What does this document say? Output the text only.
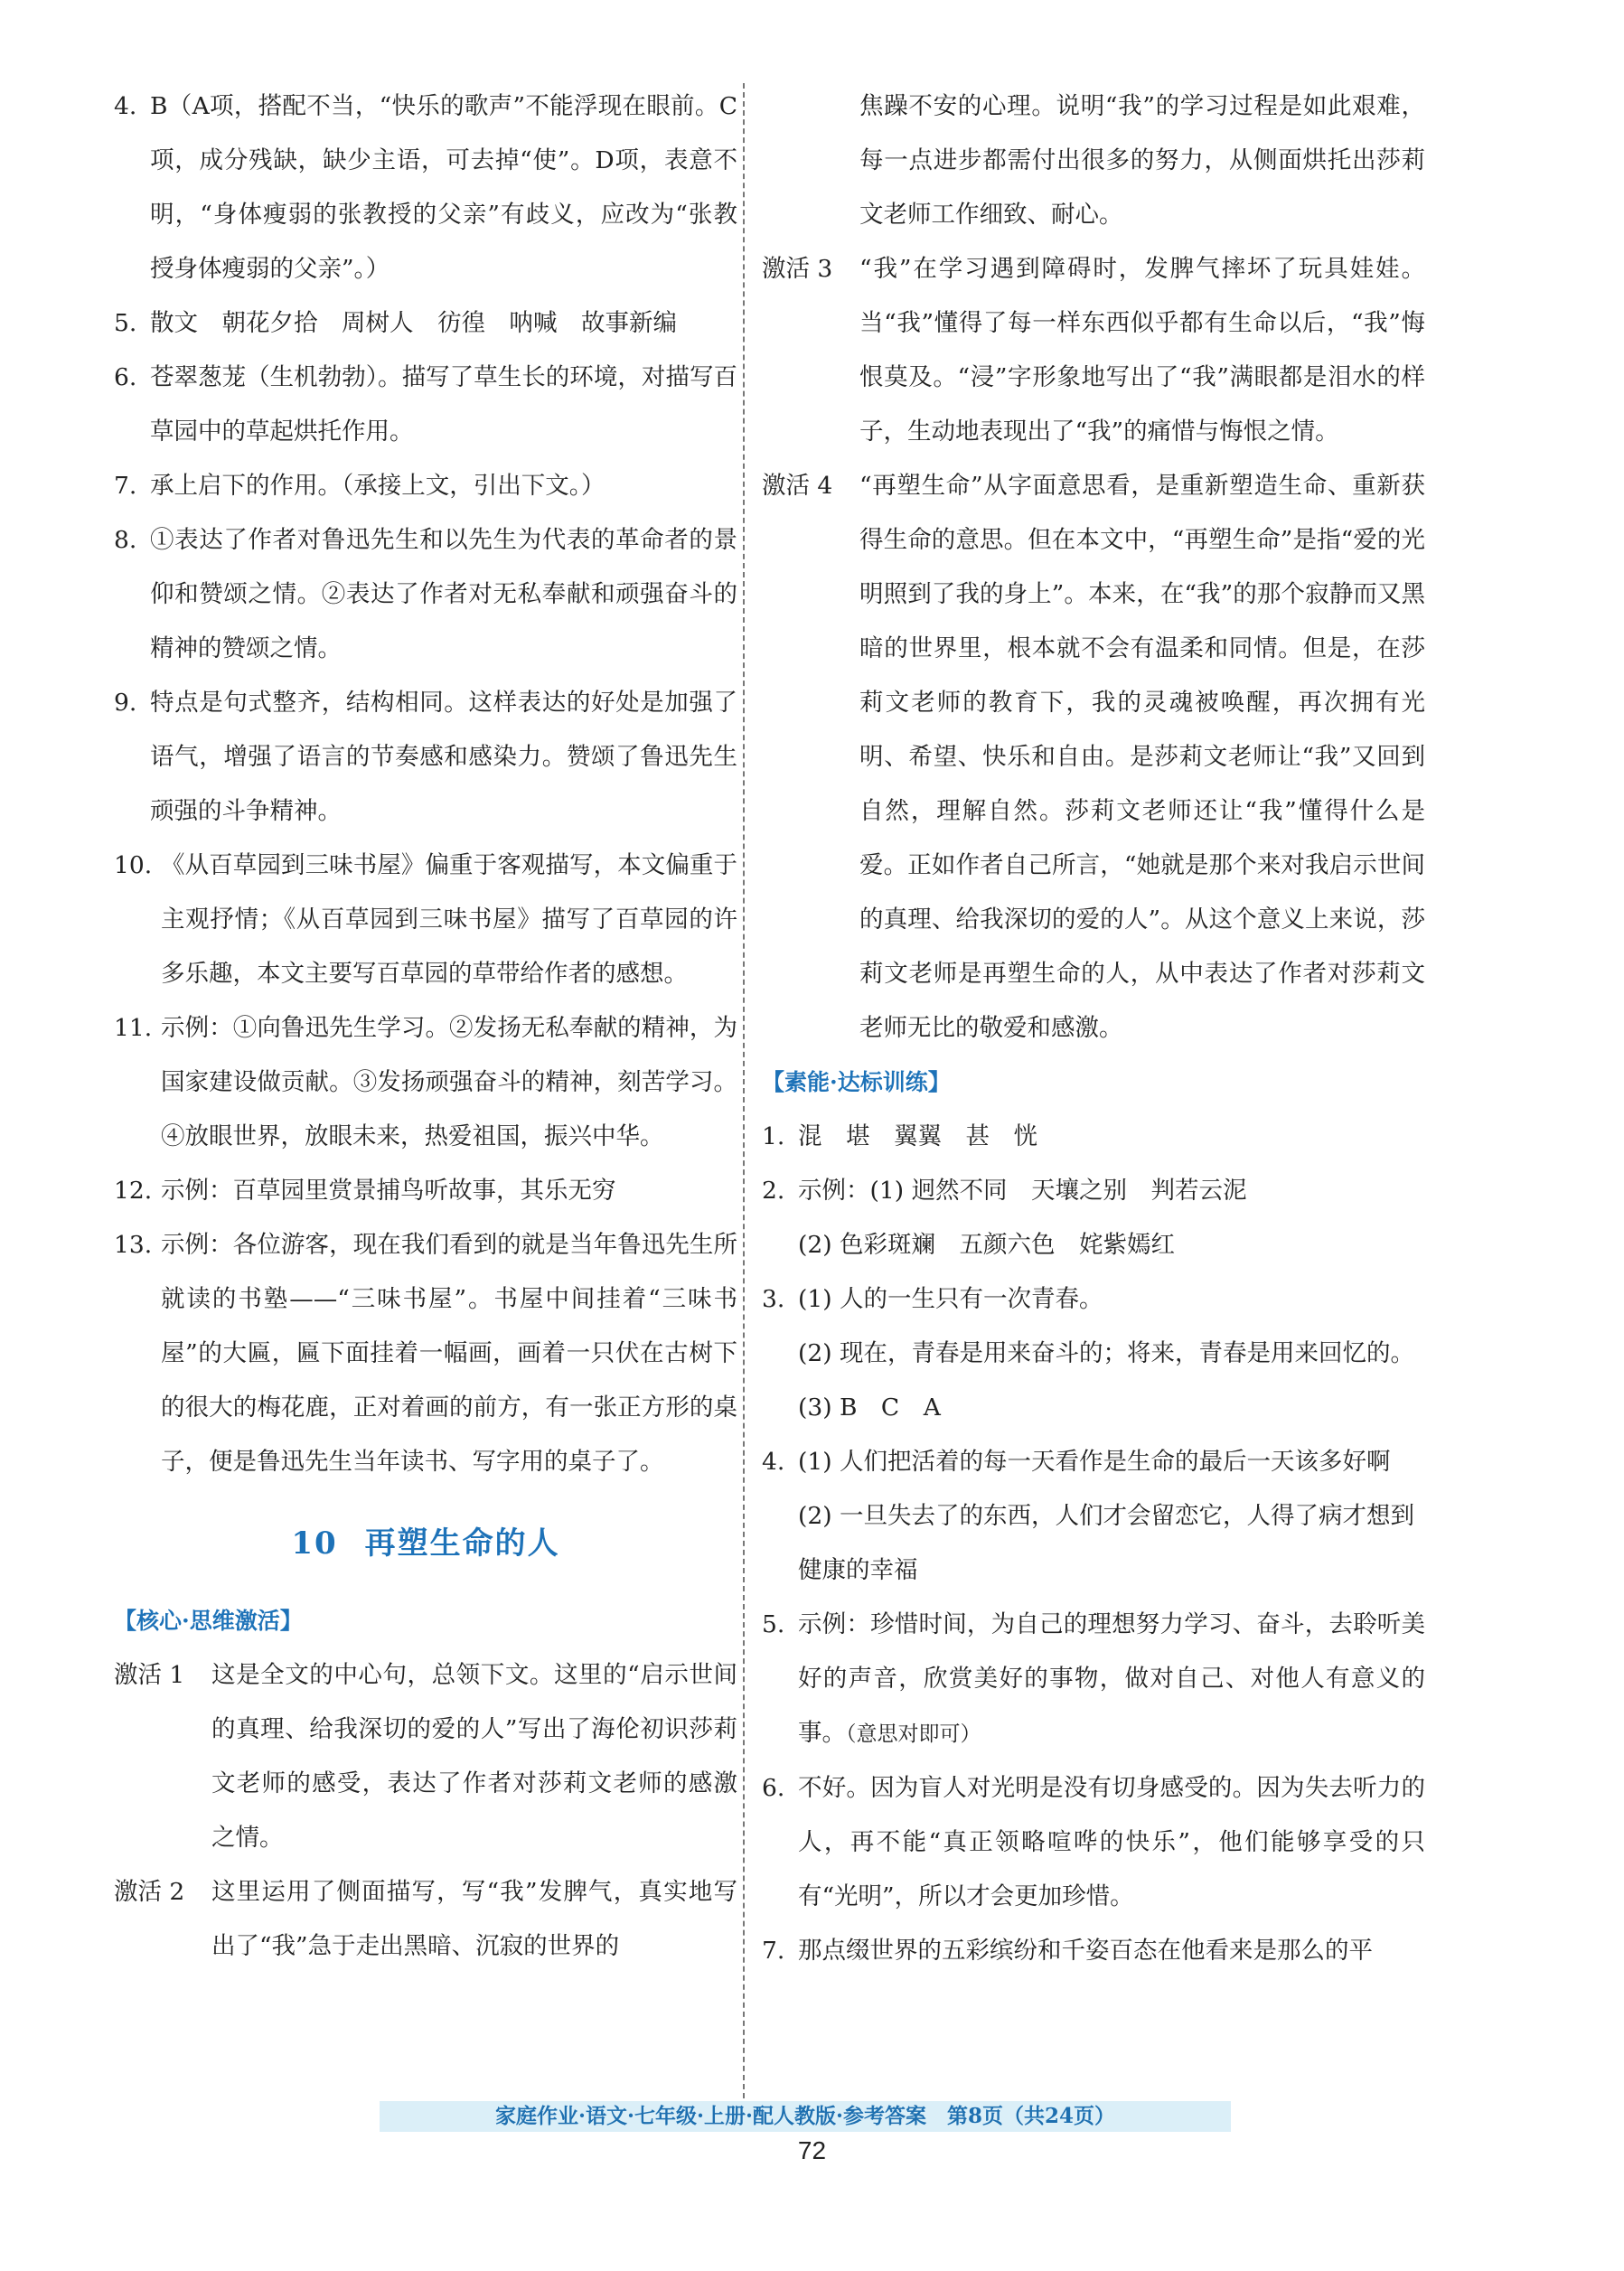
4. B（A项，搭配不当，“快乐的歌声”不能浮现在眼前。C项，成分残缺，缺少主语，可去掉“使”。D项，表意不明，“身体瘦弱的张教授的父亲”有歧义，应改为“张教授身体瘦弱的父亲”。）
5. 散文　朝花夕拾　周树人　彷徨　呐喊　故事新编
6. 苍翠葱茏（生机勃勃）。描写了草生长的环境，对描写百草园中的草起烘托作用。
7. 承上启下的作用。（承接上文，引出下文。）
8. ①表达了作者对鲁迅先生和以先生为代表的革命者的景仰和赞颂之情。②表达了作者对无私奉献和顽强奋斗的精神的赞颂之情。
9. 特点是句式整齐，结构相同。这样表达的好处是加强了语气，增强了语言的节奏感和感染力。赞颂了鲁迅先生顽强的斗争精神。
10. 《从百草园到三味书屋》偏重于客观描写，本文偏重于主观抒情；《从百草园到三味书屋》描写了百草园的许多乐趣，本文主要写百草园的草带给作者的感想。
11. 示例：①向鲁迅先生学习。②发扬无私奉献的精神，为国家建设做贡献。③发扬顽强奋斗的精神，刻苦学习。④放眼世界，放眼未来，热爱祖国，振兴中华。
12. 示例：百草园里赏景捕鸟听故事，其乐无穷
13. 示例：各位游客，现在我们看到的就是当年鲁迅先生所就读的书塾——“三味书屋”。书屋中间挂着“三味书屋”的大匾，匾下面挂着一幅画，画着一只伏在古树下的很大的梅花鹿，正对着画的前方，有一张正方形的桌子，便是鲁迅先生当年读书、写字用的桌子了。
10 再塑生命的人
【核心·思维激活】
激活 1	这是全文的中心句，总领下文。这里的“启示世间的真理、给我深切的爱的人”写出了海伦初识莎莉文老师的感受，表达了作者对莎莉文老师的感激之情。
激活 2	这里运用了侧面描写，写“我”发脾气，真实地写出了“我”急于走出黑暗、沉寂的世界的
焦躁不安的心理。说明“我”的学习过程是如此艰难，每一点进步都需付出很多的努力，从侧面烘托出莎莉文老师工作细致、耐心。
激活 3	“我”在学习遇到障碍时，发脾气摔坏了玩具娃娃。当“我”懂得了每一样东西似乎都有生命以后，“我”悔恨莫及。“浸”字形象地写出了“我”满眼都是泪水的样子，生动地表现出了“我”的痛惜与悔恨之情。
激活 4	“再塑生命”从字面意思看，是重新塑造生命、重新获得生命的意思。但在本文中，“再塑生命”是指“爱的光明照到了我的身上”。本来，在“我”的那个寂静而又黑暗的世界里，根本就不会有温柔和同情。但是，在莎莉文老师的教育下，我的灵魂被唤醒，再次拥有光明、希望、快乐和自由。是莎莉文老师让“我”又回到自然，理解自然。莎莉文老师还让“我”懂得什么是爱。正如作者自己所言，“她就是那个来对我启示世间的真理、给我深切的爱的人”。从这个意义上来说，莎莉文老师是再塑生命的人，从中表达了作者对莎莉文老师无比的敬爱和感激。
【素能·达标训练】
1. 混　堪　翼翼　甚　恍
2. 示例：(1) 迥然不同　天壤之别　判若云泥
(2) 色彩斑斓　五颜六色　姹紫嫣红
3. (1) 人的一生只有一次青春。
(2) 现在，青春是用来奋斗的；将来，青春是用来回忆的。
(3) B　C　A
4. (1) 人们把活着的每一天看作是生命的最后一天该多好啊
(2) 一旦失去了的东西，人们才会留恋它，人得了病才想到健康的幸福
5. 示例：珍惜时间，为自己的理想努力学习、奋斗，去聆听美好的声音，欣赏美好的事物，做对自己、对他人有意义的事。（意思对即可）
6. 不好。因为盲人对光明是没有切身感受的。因为失去听力的人，再不能“真正领略喧哗的快乐”，他们能够享受的只有“光明”，所以才会更加珍惜。
7. 那点缀世界的五彩缤纷和千姿百态在他看来是那么的平
家庭作业·语文·七年级·上册·配人教版·参考答案　第8页（共24页）
72
